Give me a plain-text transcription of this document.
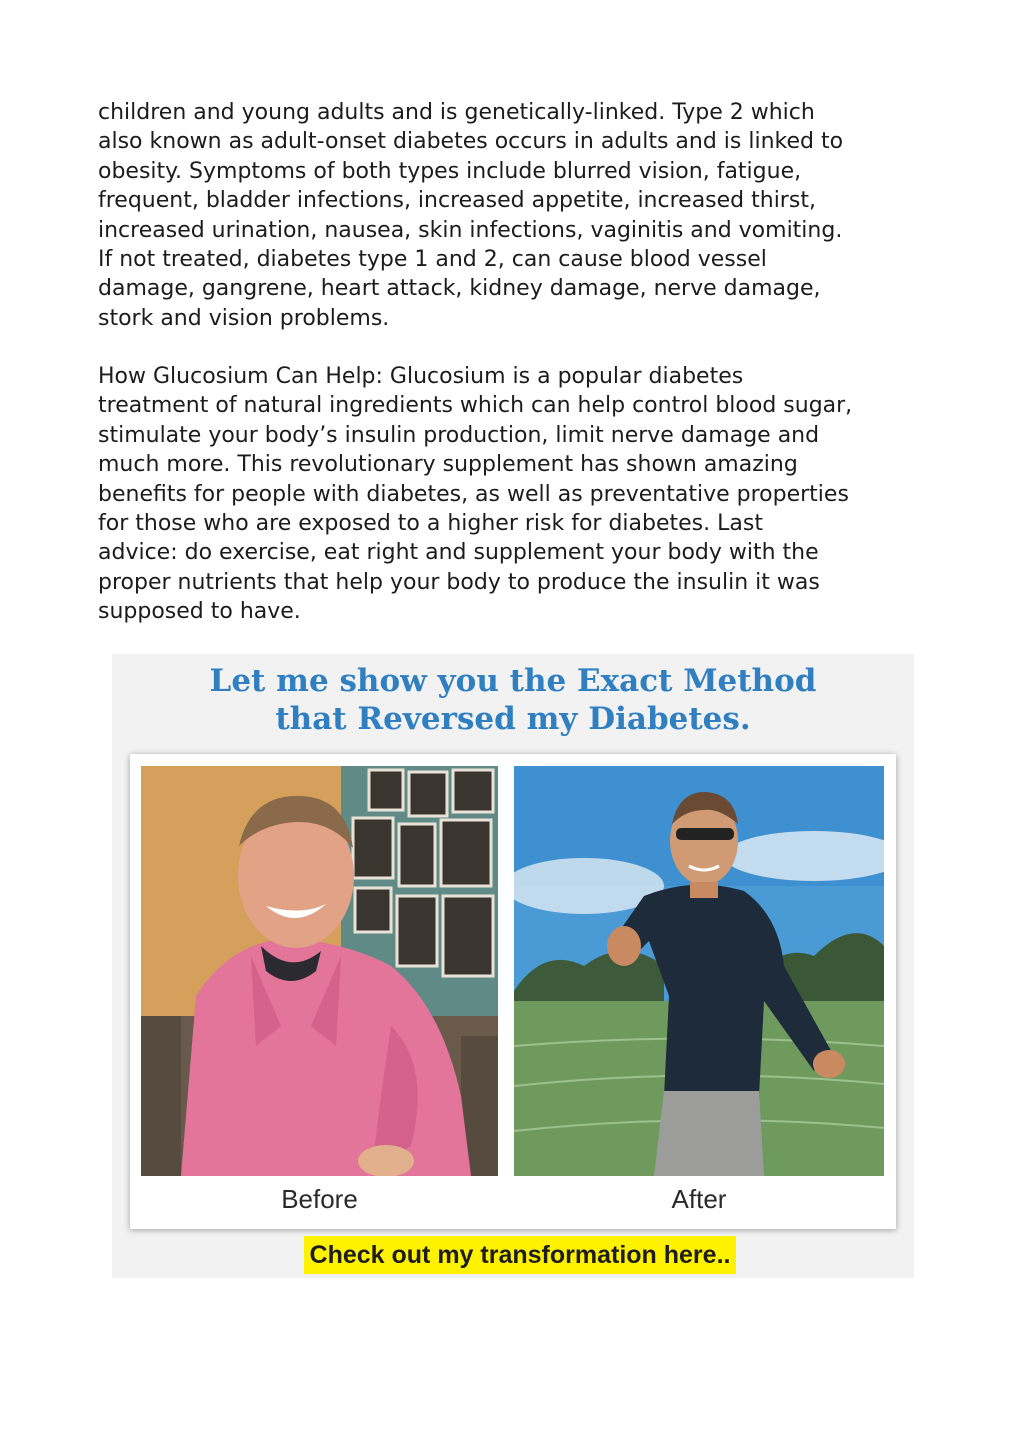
children and young adults and is genetically-linked. Type 2 which
also known as adult-onset diabetes occurs in adults and is linked to
obesity. Symptoms of both types include blurred vision, fatigue,
frequent, bladder infections, increased appetite, increased thirst,
increased urination, nausea, skin infections, vaginitis and vomiting.
If not treated, diabetes type 1 and 2, can cause blood vessel
damage, gangrene, heart attack, kidney damage, nerve damage,
stork and vision problems.

How Glucosium Can Help: Glucosium is a popular diabetes
treatment of natural ingredients which can help control blood sugar,
stimulate your body’s insulin production, limit nerve damage and
much more. This revolutionary supplement has shown amazing
benefits for people with diabetes, as well as preventative properties
for those who are exposed to a higher risk for diabetes. Last
advice: do exercise, eat right and supplement your body with the
proper nutrients that help your body to produce the insulin it was
supposed to have.

Let me show you the Exact Method
that Reversed my Diabetes.
Before	After
Check out my transformation here..
